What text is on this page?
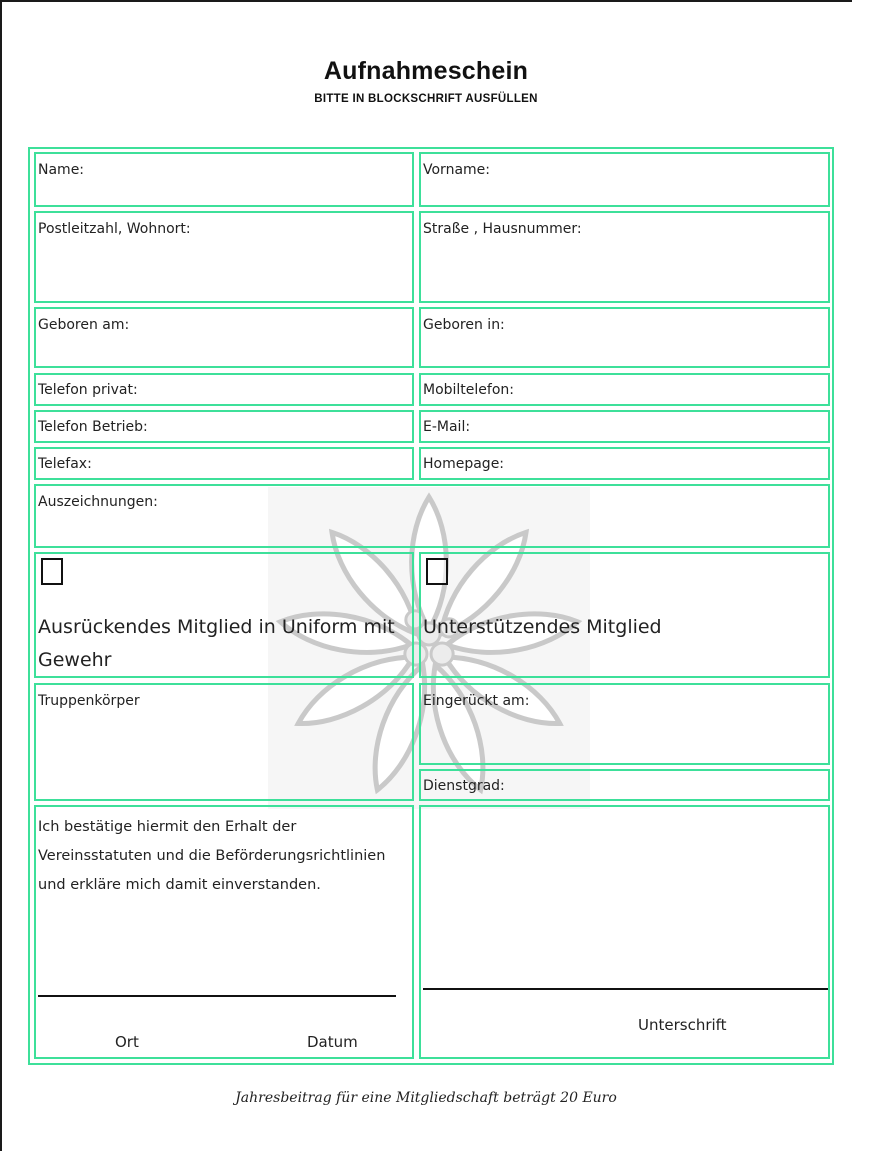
Aufnahmeschein
BITTE IN BLOCKSCHRIFT AUSFÜLLEN
Name:	Vorname:
Postleitzahl, Wohnort:	Straße , Hausnummer:
Geboren am:	Geboren in:
Telefon privat:	Mobiltelefon:
Telefon Betrieb:	E-Mail:
Telefax:	Homepage:
Auszeichnungen:
Ausrückendes Mitglied in Uniform mit Gewehr
Unterstützendes Mitglied
Truppenkörper	Eingerückt am:
Dienstgrad:
Ich bestätige hiermit den Erhalt der Vereinsstatuten und die Beförderungsrichtlinien und erkläre mich damit einverstanden.
Ort	Datum
Unterschrift
Jahresbeitrag für eine Mitgliedschaft beträgt 20 Euro
